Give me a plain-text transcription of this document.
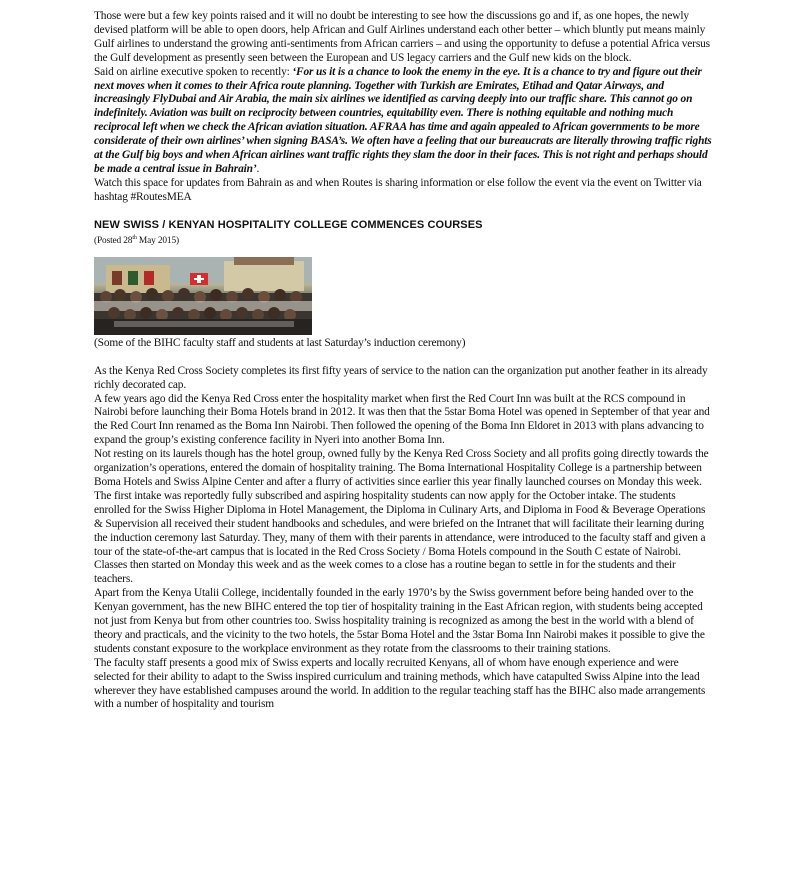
Those were but a few key points raised and it will no doubt be interesting to see how the discussions go and if, as one hopes, the newly devised platform will be able to open doors, help African and Gulf Airlines understand each other better – which bluntly put means mainly Gulf airlines to understand the growing anti-sentiments from African carriers – and using the opportunity to defuse a potential Africa versus the Gulf development as presently seen between the European and US legacy carriers and the Gulf new kids on the block.

Said on airline executive spoken to recently: ‘For us it is a chance to look the enemy in the eye. It is a chance to try and figure out their next moves when it comes to their Africa route planning. Together with Turkish are Emirates, Etihad and Qatar Airways, and increasingly FlyDubai and Air Arabia, the main six airlines we identified as carving deeply into our traffic share. This cannot go on indefinitely. Aviation was built on reciprocity between countries, equitability even. There is nothing equitable and nothing much reciprocal left when we check the African aviation situation. AFRAA has time and again appealed to African governments to be more considerate of their own airlines’ when signing BASA’s. We often have a feeling that our bureaucrats are literally throwing traffic rights at the Gulf big boys and when African airlines want traffic rights they slam the door in their faces. This is not right and perhaps should be made a central issue in Bahrain’.

Watch this space for updates from Bahrain as and when Routes is sharing information or else follow the event via the event on Twitter via hashtag #RoutesMEA

NEW SWISS / KENYAN HOSPITALITY COLLEGE COMMENCES COURSES
(Posted 28th May 2015)

(Some of the BIHC faculty staff and students at last Saturday’s induction ceremony)

As the Kenya Red Cross Society completes its first fifty years of service to the nation can the organization put another feather in its already richly decorated cap.

A few years ago did the Kenya Red Cross enter the hospitality market when first the Red Court Inn was built at the RCS compound in Nairobi before launching their Boma Hotels brand in 2012. It was then that the 5star Boma Hotel was opened in September of that year and the Red Court Inn renamed as the Boma Inn Nairobi. Then followed the opening of the Boma Inn Eldoret in 2013 with plans advancing to expand the group’s existing conference facility in Nyeri into another Boma Inn.

Not resting on its laurels though has the hotel group, owned fully by the Kenya Red Cross Society and all profits going directly towards the organization’s operations, entered the domain of hospitality training. The Boma International Hospitality College is a partnership between Boma Hotels and Swiss Alpine Center and after a flurry of activities since earlier this year finally launched courses on Monday this week.

The first intake was reportedly fully subscribed and aspiring hospitality students can now apply for the October intake. The students enrolled for the Swiss Higher Diploma in Hotel Management, the Diploma in Culinary Arts, and Diploma in Food & Beverage Operations & Supervision all received their student handbooks and schedules, and were briefed on the Intranet that will facilitate their learning during the induction ceremony last Saturday. They, many of them with their parents in attendance, were introduced to the faculty staff and given a tour of the state-of-the-art campus that is located in the Red Cross Society / Boma Hotels compound in the South C estate of Nairobi. Classes then started on Monday this week and as the week comes to a close has a routine began to settle in for the students and their teachers.

Apart from the Kenya Utalii College, incidentally founded in the early 1970’s by the Swiss government before being handed over to the Kenyan government, has the new BIHC entered the top tier of hospitality training in the East African region, with students being accepted not just from Kenya but from other countries too. Swiss hospitality training is recognized as among the best in the world with a blend of theory and practicals, and the vicinity to the two hotels, the 5star Boma Hotel and the 3star Boma Inn Nairobi makes it possible to give the students constant exposure to the workplace environment as they rotate from the classrooms to their training stations.

The faculty staff presents a good mix of Swiss experts and locally recruited Kenyans, all of whom have enough experience and were selected for their ability to adapt to the Swiss inspired curriculum and training methods, which have catapulted Swiss Alpine into the lead wherever they have established campuses around the world. In addition to the regular teaching staff has the BIHC also made arrangements with a number of hospitality and tourism
